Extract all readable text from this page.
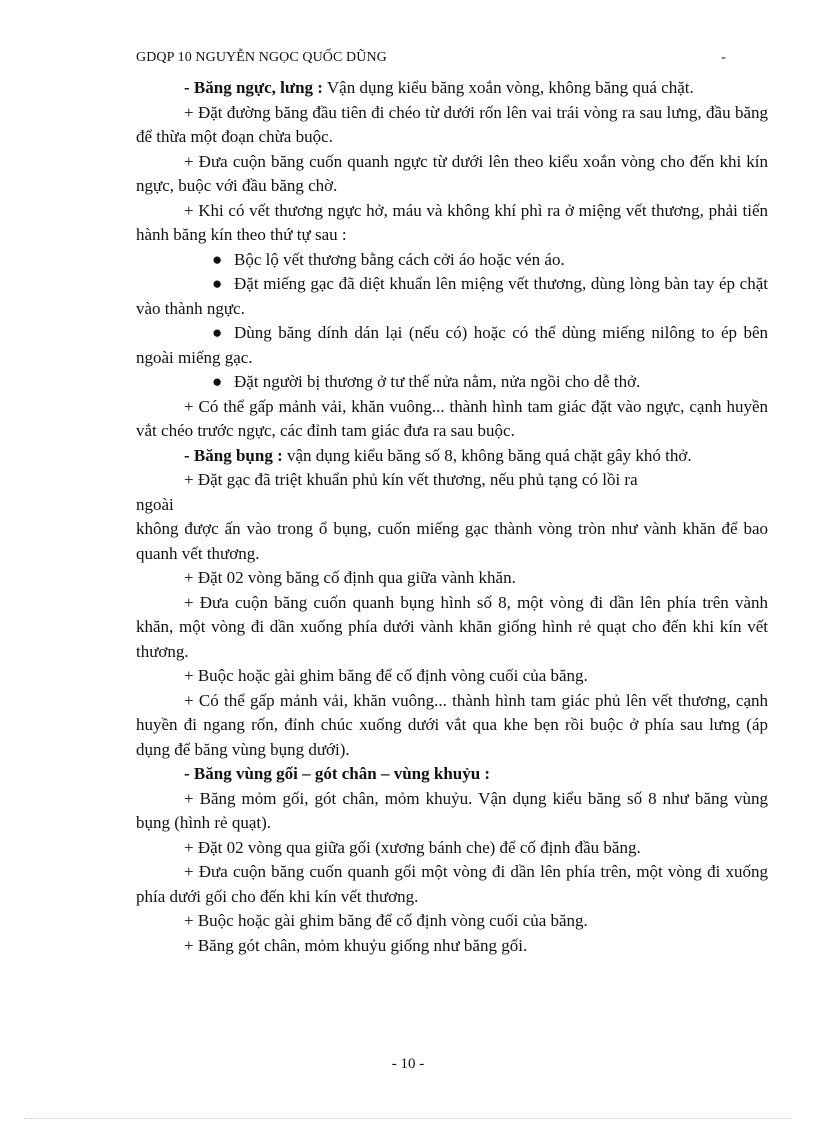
GDQP 10 NGUYỄN NGỌC QUỐC DŨNG	-

- Băng ngực, lưng : Vận dụng kiểu băng xoắn vòng, không băng quá chặt.

+ Đặt đường băng đầu tiên đi chéo từ dưới rốn lên vai trái vòng ra sau lưng, đầu băng để thừa một đoạn chừa buộc.

+ Đưa cuộn băng cuốn quanh ngực từ dưới lên theo kiểu xoắn vòng cho đến khi kín ngực, buộc với đầu băng chờ.

+ Khi có vết thương ngực hở, máu và không khí phì ra ở miệng vết thương, phải tiến hành băng kín theo thứ tự sau :

● Bộc lộ vết thương bằng cách cởi áo hoặc vén áo.

● Đặt miếng gạc đã diệt khuẩn lên miệng vết thương, dùng lòng bàn tay ép chặt vào thành ngực.

● Dùng băng dính dán lại (nếu có) hoặc có thể dùng miếng nilông to ép bên ngoài miếng gạc.

● Đặt người bị thương ở tư thế nửa nằm, nửa ngồi cho dễ thở.

+ Có thể gấp mảnh vải, khăn vuông... thành hình tam giác đặt vào ngực, cạnh huyền vắt chéo trước ngực, các đỉnh tam giác đưa ra sau buộc.

- Băng bụng : vận dụng kiểu băng số 8, không băng quá chặt gây khó thở.

+ Đặt gạc đã triệt khuẩn phủ kín vết thương, nếu phủ tạng có lồi ra

ngoài

không được ấn vào trong ổ bụng, cuốn miếng gạc thành vòng tròn như vành khăn để bao quanh vết thương.

+ Đặt 02 vòng băng cố định qua giữa vành khăn.

+ Đưa cuộn băng cuốn quanh bụng hình số 8, một vòng đi dần lên phía trên vành khăn, một vòng đi dần xuống phía dưới vành khăn giống hình rẻ quạt cho đến khi kín vết thương.

+ Buộc hoặc gài ghim băng để cố định vòng cuối của băng.

+ Có thể gấp mảnh vải, khăn vuông... thành hình tam giác phủ lên vết thương, cạnh huyền đi ngang rốn, đỉnh chúc xuống dưới vắt qua khe bẹn rồi buộc ở phía sau lưng (áp dụng để băng vùng bụng dưới).

- Băng vùng gối – gót chân – vùng khuỷu :

+ Băng mỏm gối, gót chân, mỏm khuỷu. Vận dụng kiểu băng số 8 như băng vùng bụng (hình rẻ quạt).

+ Đặt 02 vòng qua giữa gối (xương bánh che) để cố định đầu băng.

+ Đưa cuộn băng cuốn quanh gối một vòng đi dần lên phía trên, một vòng đi xuống phía dưới gối cho đến khi kín vết thương.

+ Buộc hoặc gài ghim băng để cố định vòng cuối của băng.

+ Băng gót chân, mỏm khuỷu giống như băng gối.

- 10 -
